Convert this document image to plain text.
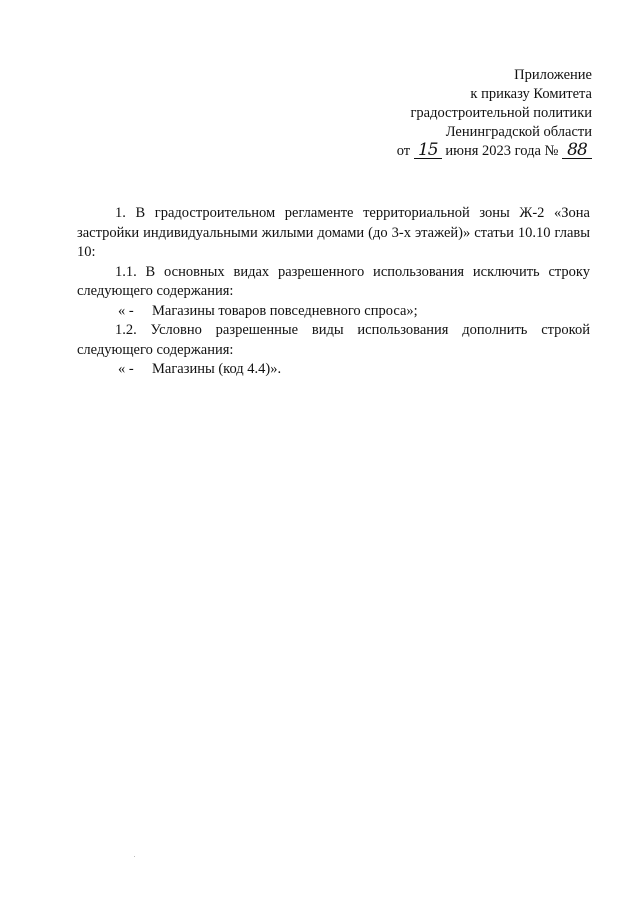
Приложение
к приказу Комитета
градостроительной политики
Ленинградской области
от 15 июня 2023 года № 88

1. В градостроительном регламенте территориальной зоны Ж-2 «Зона застройки индивидуальными жилыми домами (до 3-х этажей)» статьи 10.10 главы 10:

1.1. В основных видах разрешенного использования исключить строку следующего содержания:

« - Магазины товаров повседневного спроса»;

1.2. Условно разрешенные виды использования дополнить строкой следующего содержания:

« - Магазины (код 4.4)».
